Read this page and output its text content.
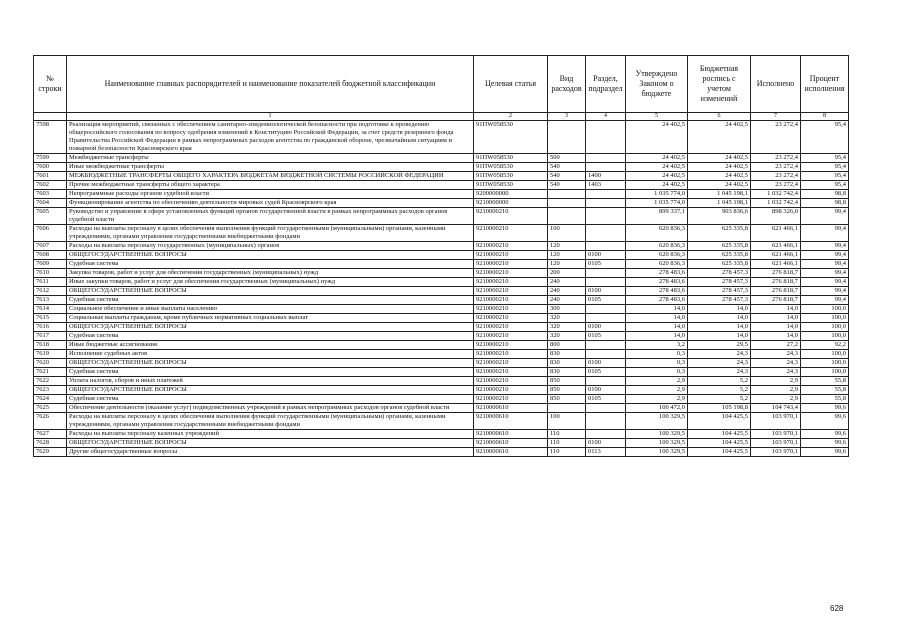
№ строки	Наименование главных распорядителей и наименование показателей бюджетной классификации	Целевая статья	Вид расходов	Раздел, подраздел	Утверждено Законом о бюджете	Бюджетная роспись с учетом изменений	Исполнено	Процент исполнения
	1	2	3	4	5	6	7	8
7598	Реализация мероприятий, связанных с обеспечением санитарно-эпидемиологической безопасности при подготовке к проведению общероссийского голосования по вопросу одобрения изменений в Конституцию Российской Федерации, за счет средств резервного фонда Правительства Российской Федерации в рамках непрограммных расходов агентства по гражданской обороне, чрезвычайным ситуациям и пожарной безопасности Красноярского края	91ПW058530			24 402,5	24 402,5	23 272,4	95,4
7599	Межбюджетные трансферты	91ПW058530	500		24 402,5	24 402,5	23 272,4	95,4
7600	Иные межбюджетные трансферты	91ПW058530	540		24 402,5	24 402,5	23 272,4	95,4
7601	МЕЖБЮДЖЕТНЫЕ ТРАНСФЕРТЫ ОБЩЕГО ХАРАКТЕРА БЮДЖЕТАМ БЮДЖЕТНОЙ СИСТЕМЫ РОССИЙСКОЙ ФЕДЕРАЦИИ	91ПW058530	540	1400	24 402,5	24 402,5	23 272,4	95,4
7602	Прочие межбюджетные трансферты общего характера	91ПW058530	540	1403	24 402,5	24 402,5	23 272,4	95,4
7603	Непрограммные расходы органов судебной власти	9200000000			1 035 774,0	1 045 198,1	1 032 742,4	98,8
7604	Функционирование агентства по обеспечению деятельности мировых судей Красноярского края	9210000000			1 035 774,0	1 045 198,1	1 032 742,4	98,8
7605	Руководство и управление в сфере установленных функций органов государственной власти в рамках непрограммных расходов органов судебной власти	9210000210			899 337,1	903 836,6	898 326,0	99,4
7606	Расходы на выплаты персоналу в целях обеспечения выполнения функций государственными (муниципальными) органами, казенными учреждениями, органами управления государственными внебюджетными фондами	9210000210	100		620 836,3	625 335,8	621 466,1	99,4
7607	Расходы на выплаты персоналу государственных (муниципальных) органов	9210000210	120		620 836,3	625 335,8	621 466,1	99,4
7608	ОБЩЕГОСУДАРСТВЕННЫЕ ВОПРОСЫ	9210000210	120	0100	620 836,3	625 335,8	621 466,1	99,4
7609	Судебная система	9210000210	120	0105	620 836,3	625 335,8	621 466,1	99,4
7610	Закупка товаров, работ и услуг для обеспечения государственных (муниципальных) нужд	9210000210	200		278 483,6	278 457,3	276 818,7	99,4
7611	Иные закупки товаров, работ и услуг для обеспечения государственных (муниципальных) нужд	9210000210	240		278 483,6	278 457,3	276 818,7	99,4
7612	ОБЩЕГОСУДАРСТВЕННЫЕ ВОПРОСЫ	9210000210	240	0100	278 483,6	278 457,3	276 818,7	99,4
7613	Судебная система	9210000210	240	0105	278 483,6	278 457,3	276 818,7	99,4
7614	Социальное обеспечение и иные выплаты населению	9210000210	300		14,0	14,0	14,0	100,0
7615	Социальные выплаты гражданам, кроме публичных нормативных социальных выплат	9210000210	320		14,0	14,0	14,0	100,0
7616	ОБЩЕГОСУДАРСТВЕННЫЕ ВОПРОСЫ	9210000210	320	0100	14,0	14,0	14,0	100,0
7617	Судебная система	9210000210	320	0105	14,0	14,0	14,0	100,0
7618	Иные бюджетные ассигнования	9210000210	800		3,2	29,5	27,2	92,2
7619	Исполнение судебных актов	9210000210	830		0,3	24,3	24,3	100,0
7620	ОБЩЕГОСУДАРСТВЕННЫЕ ВОПРОСЫ	9210000210	830	0100	0,3	24,3	24,3	100,0
7621	Судебная система	9210000210	830	0105	0,3	24,3	24,3	100,0
7622	Уплата налогов, сборов и иных платежей	9210000210	850		2,9	5,2	2,9	55,8
7623	ОБЩЕГОСУДАРСТВЕННЫЕ ВОПРОСЫ	9210000210	850	0100	2,9	5,2	2,9	55,8
7624	Судебная система	9210000210	850	0105	2,9	5,2	2,9	55,8
7625	Обеспечение деятельности (оказание услуг) подведомственных учреждений в рамках непрограммных расходов органов судебной власти	9210000610			100 472,0	105 198,8	104 743,4	99,6
7626	Расходы на выплаты персоналу в целях обеспечения выполнения функций государственными (муниципальными) органами, казенными учреждениями, органами управления государственными внебюджетными фондами	9210000610	100		100 329,5	104 425,5	103 970,1	99,6
7627	Расходы на выплаты персоналу казенных учреждений	9210000610	110		100 329,5	104 425,5	103 970,1	99,6
7628	ОБЩЕГОСУДАРСТВЕННЫЕ ВОПРОСЫ	9210000610	110	0100	100 329,5	104 425,5	103 970,1	99,6
7629	Другие общегосударственные вопросы	9210000610	110	0113	100 329,5	104 425,5	103 970,1	99,6
628
